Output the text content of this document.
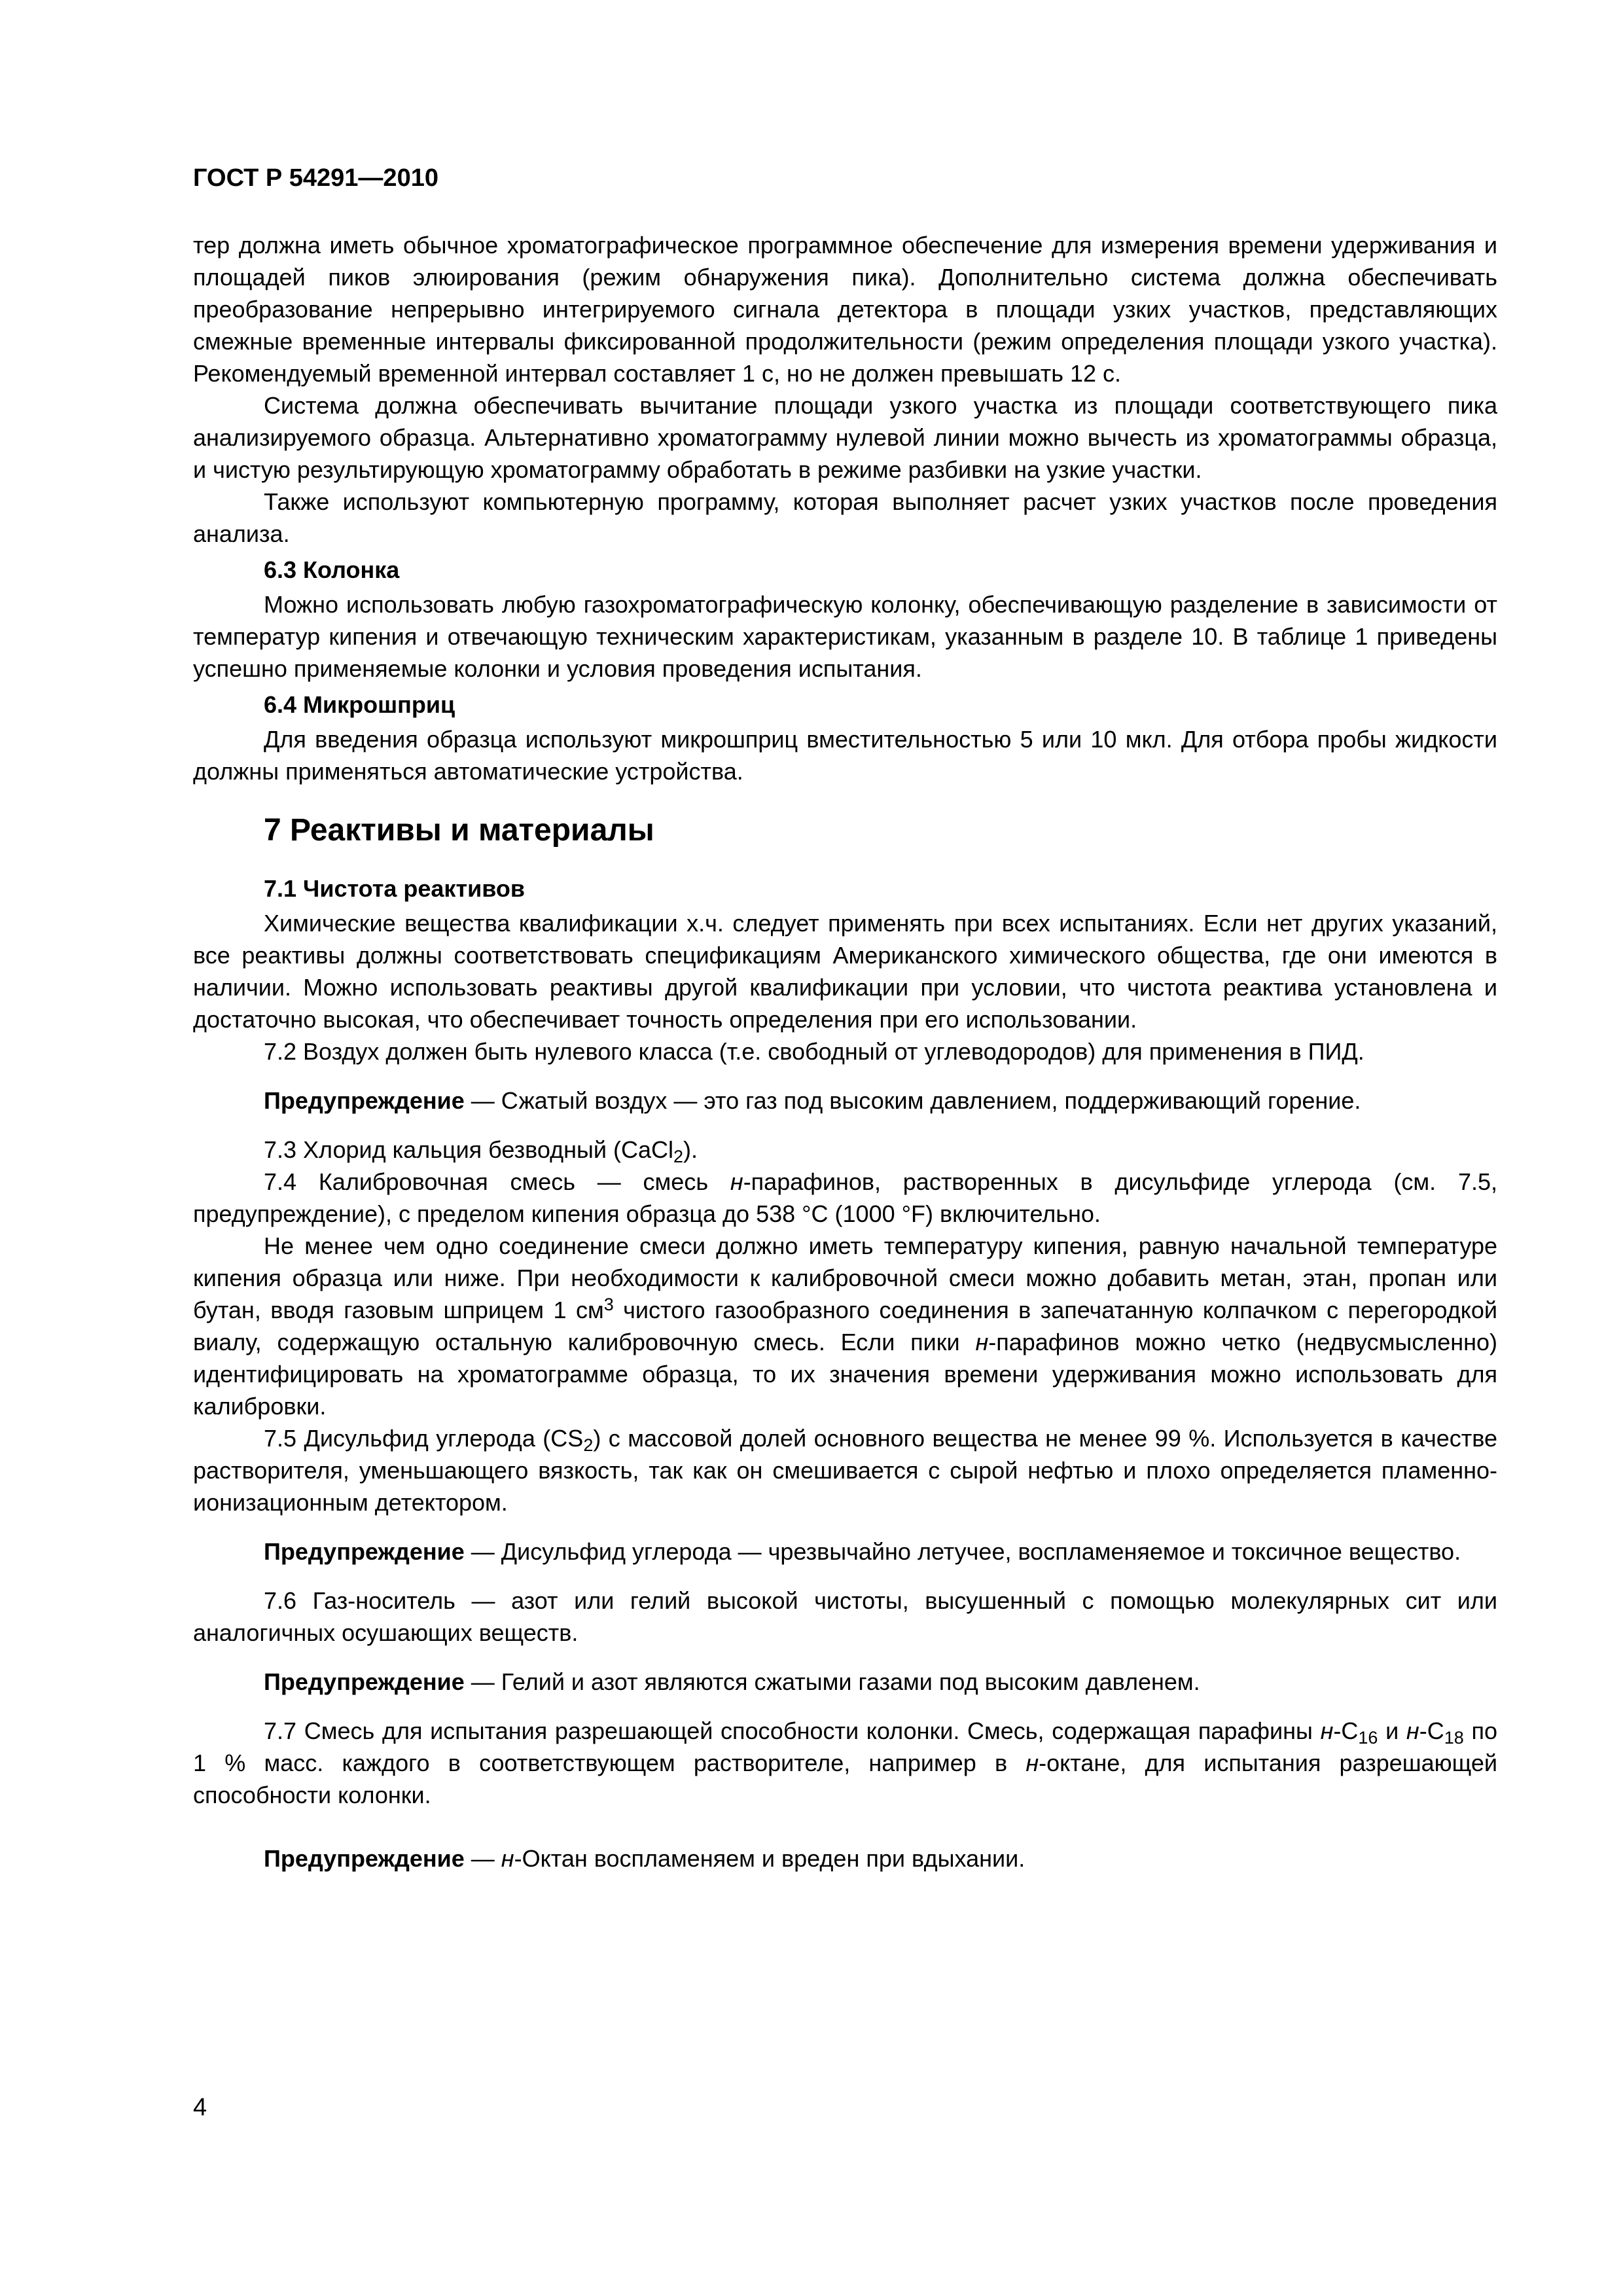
ГОСТ Р 54291—2010

тер должна иметь обычное хроматографическое программное обеспечение для измерения времени удерживания и площадей пиков элюирования (режим обнаружения пика). Дополнительно система должна обеспечивать преобразование непрерывно интегрируемого сигнала детектора в площади узких участков, представляющих смежные временные интервалы фиксированной продолжительности (режим определения площади узкого участка). Рекомендуемый временной интервал составляет 1 с, но не должен превышать 12 с.

Система должна обеспечивать вычитание площади узкого участка из площади соответствующего пика анализируемого образца. Альтернативно хроматограмму нулевой линии можно вычесть из хроматограммы образца, и чистую результирующую хроматограмму обработать в режиме разбивки на узкие участки.

Также используют компьютерную программу, которая выполняет расчет узких участков после проведения анализа.

6.3 Колонка

Можно использовать любую газохроматографическую колонку, обеспечивающую разделение в зависимости от температур кипения и отвечающую техническим характеристикам, указанным в разделе 10. В таблице 1 приведены успешно применяемые колонки и условия проведения испытания.

6.4 Микрошприц

Для введения образца используют микрошприц вместительностью 5 или 10 мкл. Для отбора пробы жидкости должны применяться автоматические устройства.

7 Реактивы и материалы
7.1 Чистота реактивов

Химические вещества квалификации х.ч. следует применять при всех испытаниях. Если нет других указаний, все реактивы должны соответствовать спецификациям Американского химического общества, где они имеются в наличии. Можно использовать реактивы другой квалификации при условии, что чистота реактива установлена и достаточно высокая, что обеспечивает точность определения при его использовании.

7.2 Воздух должен быть нулевого класса (т.е. свободный от углеводородов) для применения в ПИД.

Предупреждение — Сжатый воздух — это газ под высоким давлением, поддерживающий горение.

7.3 Хлорид кальция безводный (CaCl$_2$).

7.4 Калибровочная смесь — смесь н-парафинов, растворенных в дисульфиде углерода (см. 7.5, предупреждение), с пределом кипения образца до 538 °C (1000 °F) включительно.

Не менее чем одно соединение смеси должно иметь температуру кипения, равную начальной температуре кипения образца или ниже. При необходимости к калибровочной смеси можно добавить метан, этан, пропан или бутан, вводя газовым шприцем 1 $см^3$ чистого газообразного соединения в запечатанную колпачком с перегородкой виалу, содержащую остальную калибровочную смесь. Если пики н-парафинов можно четко (недвусмысленно) идентифицировать на хроматограмме образца, то их значения времени удерживания можно использовать для калибровки.

7.5 Дисульфид углерода $(CS_2)$ с массовой долей основного вещества не менее 99 %. Используется в качестве растворителя, уменьшающего вязкость, так как он смешивается с сырой нефтью и плохо определяется пламенно-ионизационным детектором.

Предупреждение — Дисульфид углерода — чрезвычайно летучее, воспламеняемое и токсичное вещество.

7.6 Газ-носитель — азот или гелий высокой чистоты, высушенный с помощью молекулярных сит или аналогичных осушающих веществ.

Предупреждение — Гелий и азот являются сжатыми газами под высоким давленем.

7.7 Смесь для испытания разрешающей способности колонки. Смесь, содержащая парафины $н-C_{16}$ и $н-C_{18}$ по 1 % масс. каждого в соответствующем растворителе, например в н-октане, для испытания разрешающей способности колонки.

Предупреждение — н-Октан воспламеняем и вреден при вдыхании.

4
